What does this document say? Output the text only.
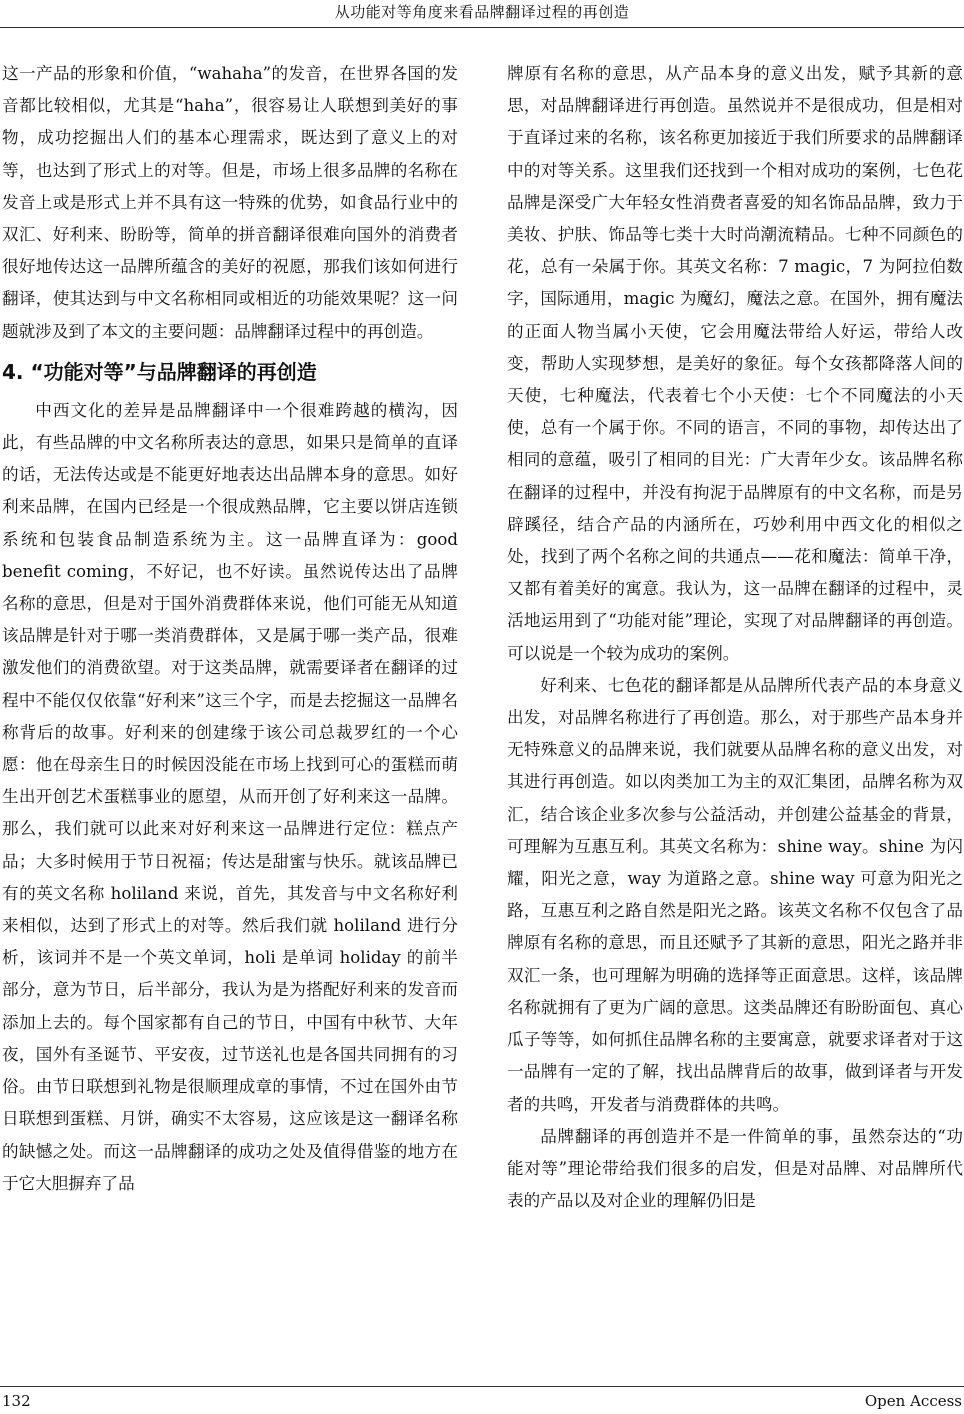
从功能对等角度来看品牌翻译过程的再创造

这一产品的形象和价值，“wahaha”的发音，在世界各国的发音都比较相似，尤其是“haha”，很容易让人联想到美好的事物，成功挖掘出人们的基本心理需求，既达到了意义上的对等，也达到了形式上的对等。但是，市场上很多品牌的名称在发音上或是形式上并不具有这一特殊的优势，如食品行业中的双汇、好利来、盼盼等，简单的拼音翻译很难向国外的消费者很好地传达这一品牌所蕴含的美好的祝愿，那我们该如何进行翻译，使其达到与中文名称相同或相近的功能效果呢？这一问题就涉及到了本文的主要问题：品牌翻译过程中的再创造。

4. “功能对等”与品牌翻译的再创造

中西文化的差异是品牌翻译中一个很难跨越的横沟，因此，有些品牌的中文名称所表达的意思，如果只是简单的直译的话，无法传达或是不能更好地表达出品牌本身的意思。如好利来品牌，在国内已经是一个很成熟品牌，它主要以饼店连锁系统和包装食品制造系统为主。这一品牌直译为：good benefit coming，不好记，也不好读。虽然说传达出了品牌名称的意思，但是对于国外消费群体来说，他们可能无从知道该品牌是针对于哪一类消费群体，又是属于哪一类产品，很难激发他们的消费欲望。对于这类品牌，就需要译者在翻译的过程中不能仅仅依靠“好利来”这三个字，而是去挖掘这一品牌名称背后的故事。好利来的创建缘于该公司总裁罗红的一个心愿：他在母亲生日的时候因没能在市场上找到可心的蛋糕而萌生出开创艺术蛋糕事业的愿望，从而开创了好利来这一品牌。那么，我们就可以此来对好利来这一品牌进行定位：糕点产品；大多时候用于节日祝福；传达是甜蜜与快乐。就该品牌已有的英文名称 holiland 来说，首先，其发音与中文名称好利来相似，达到了形式上的对等。然后我们就 holiland 进行分析，该词并不是一个英文单词，holi 是单词 holiday 的前半部分，意为节日，后半部分，我认为是为搭配好利来的发音而添加上去的。每个国家都有自己的节日，中国有中秋节、大年夜，国外有圣诞节、平安夜，过节送礼也是各国共同拥有的习俗。由节日联想到礼物是很顺理成章的事情，不过在国外由节日联想到蛋糕、月饼，确实不太容易，这应该是这一翻译名称的缺憾之处。而这一品牌翻译的成功之处及值得借鉴的地方在于它大胆摒弃了品

牌原有名称的意思，从产品本身的意义出发，赋予其新的意思，对品牌翻译进行再创造。虽然说并不是很成功，但是相对于直译过来的名称，该名称更加接近于我们所要求的品牌翻译中的对等关系。这里我们还找到一个相对成功的案例，七色花品牌是深受广大年轻女性消费者喜爱的知名饰品品牌，致力于美妆、护肤、饰品等七类十大时尚潮流精品。七种不同颜色的花，总有一朵属于你。其英文名称：7 magic，7 为阿拉伯数字，国际通用，magic 为魔幻，魔法之意。在国外，拥有魔法的正面人物当属小天使，它会用魔法带给人好运，带给人改变，帮助人实现梦想，是美好的象征。每个女孩都降落人间的天使，七种魔法，代表着七个小天使：七个不同魔法的小天使，总有一个属于你。不同的语言，不同的事物，却传达出了相同的意蕴，吸引了相同的目光：广大青年少女。该品牌名称在翻译的过程中，并没有拘泥于品牌原有的中文名称，而是另辟蹊径，结合产品的内涵所在，巧妙利用中西文化的相似之处，找到了两个名称之间的共通点——花和魔法：简单干净，又都有着美好的寓意。我认为，这一品牌在翻译的过程中，灵活地运用到了“功能对能”理论，实现了对品牌翻译的再创造。可以说是一个较为成功的案例。

好利来、七色花的翻译都是从品牌所代表产品的本身意义出发，对品牌名称进行了再创造。那么，对于那些产品本身并无特殊意义的品牌来说，我们就要从品牌名称的意义出发，对其进行再创造。如以肉类加工为主的双汇集团，品牌名称为双汇，结合该企业多次参与公益活动，并创建公益基金的背景，可理解为互惠互利。其英文名称为：shine way。shine 为闪耀，阳光之意，way 为道路之意。shine way 可意为阳光之路，互惠互利之路自然是阳光之路。该英文名称不仅包含了品牌原有名称的意思，而且还赋予了其新的意思，阳光之路并非双汇一条，也可理解为明确的选择等正面意思。这样，该品牌名称就拥有了更为广阔的意思。这类品牌还有盼盼面包、真心瓜子等等，如何抓住品牌名称的主要寓意，就要求译者对于这一品牌有一定的了解，找出品牌背后的故事，做到译者与开发者的共鸣，开发者与消费群体的共鸣。

品牌翻译的再创造并不是一件简单的事，虽然奈达的“功能对等”理论带给我们很多的启发，但是对品牌、对品牌所代表的产品以及对企业的理解仍旧是

132	Open Access
